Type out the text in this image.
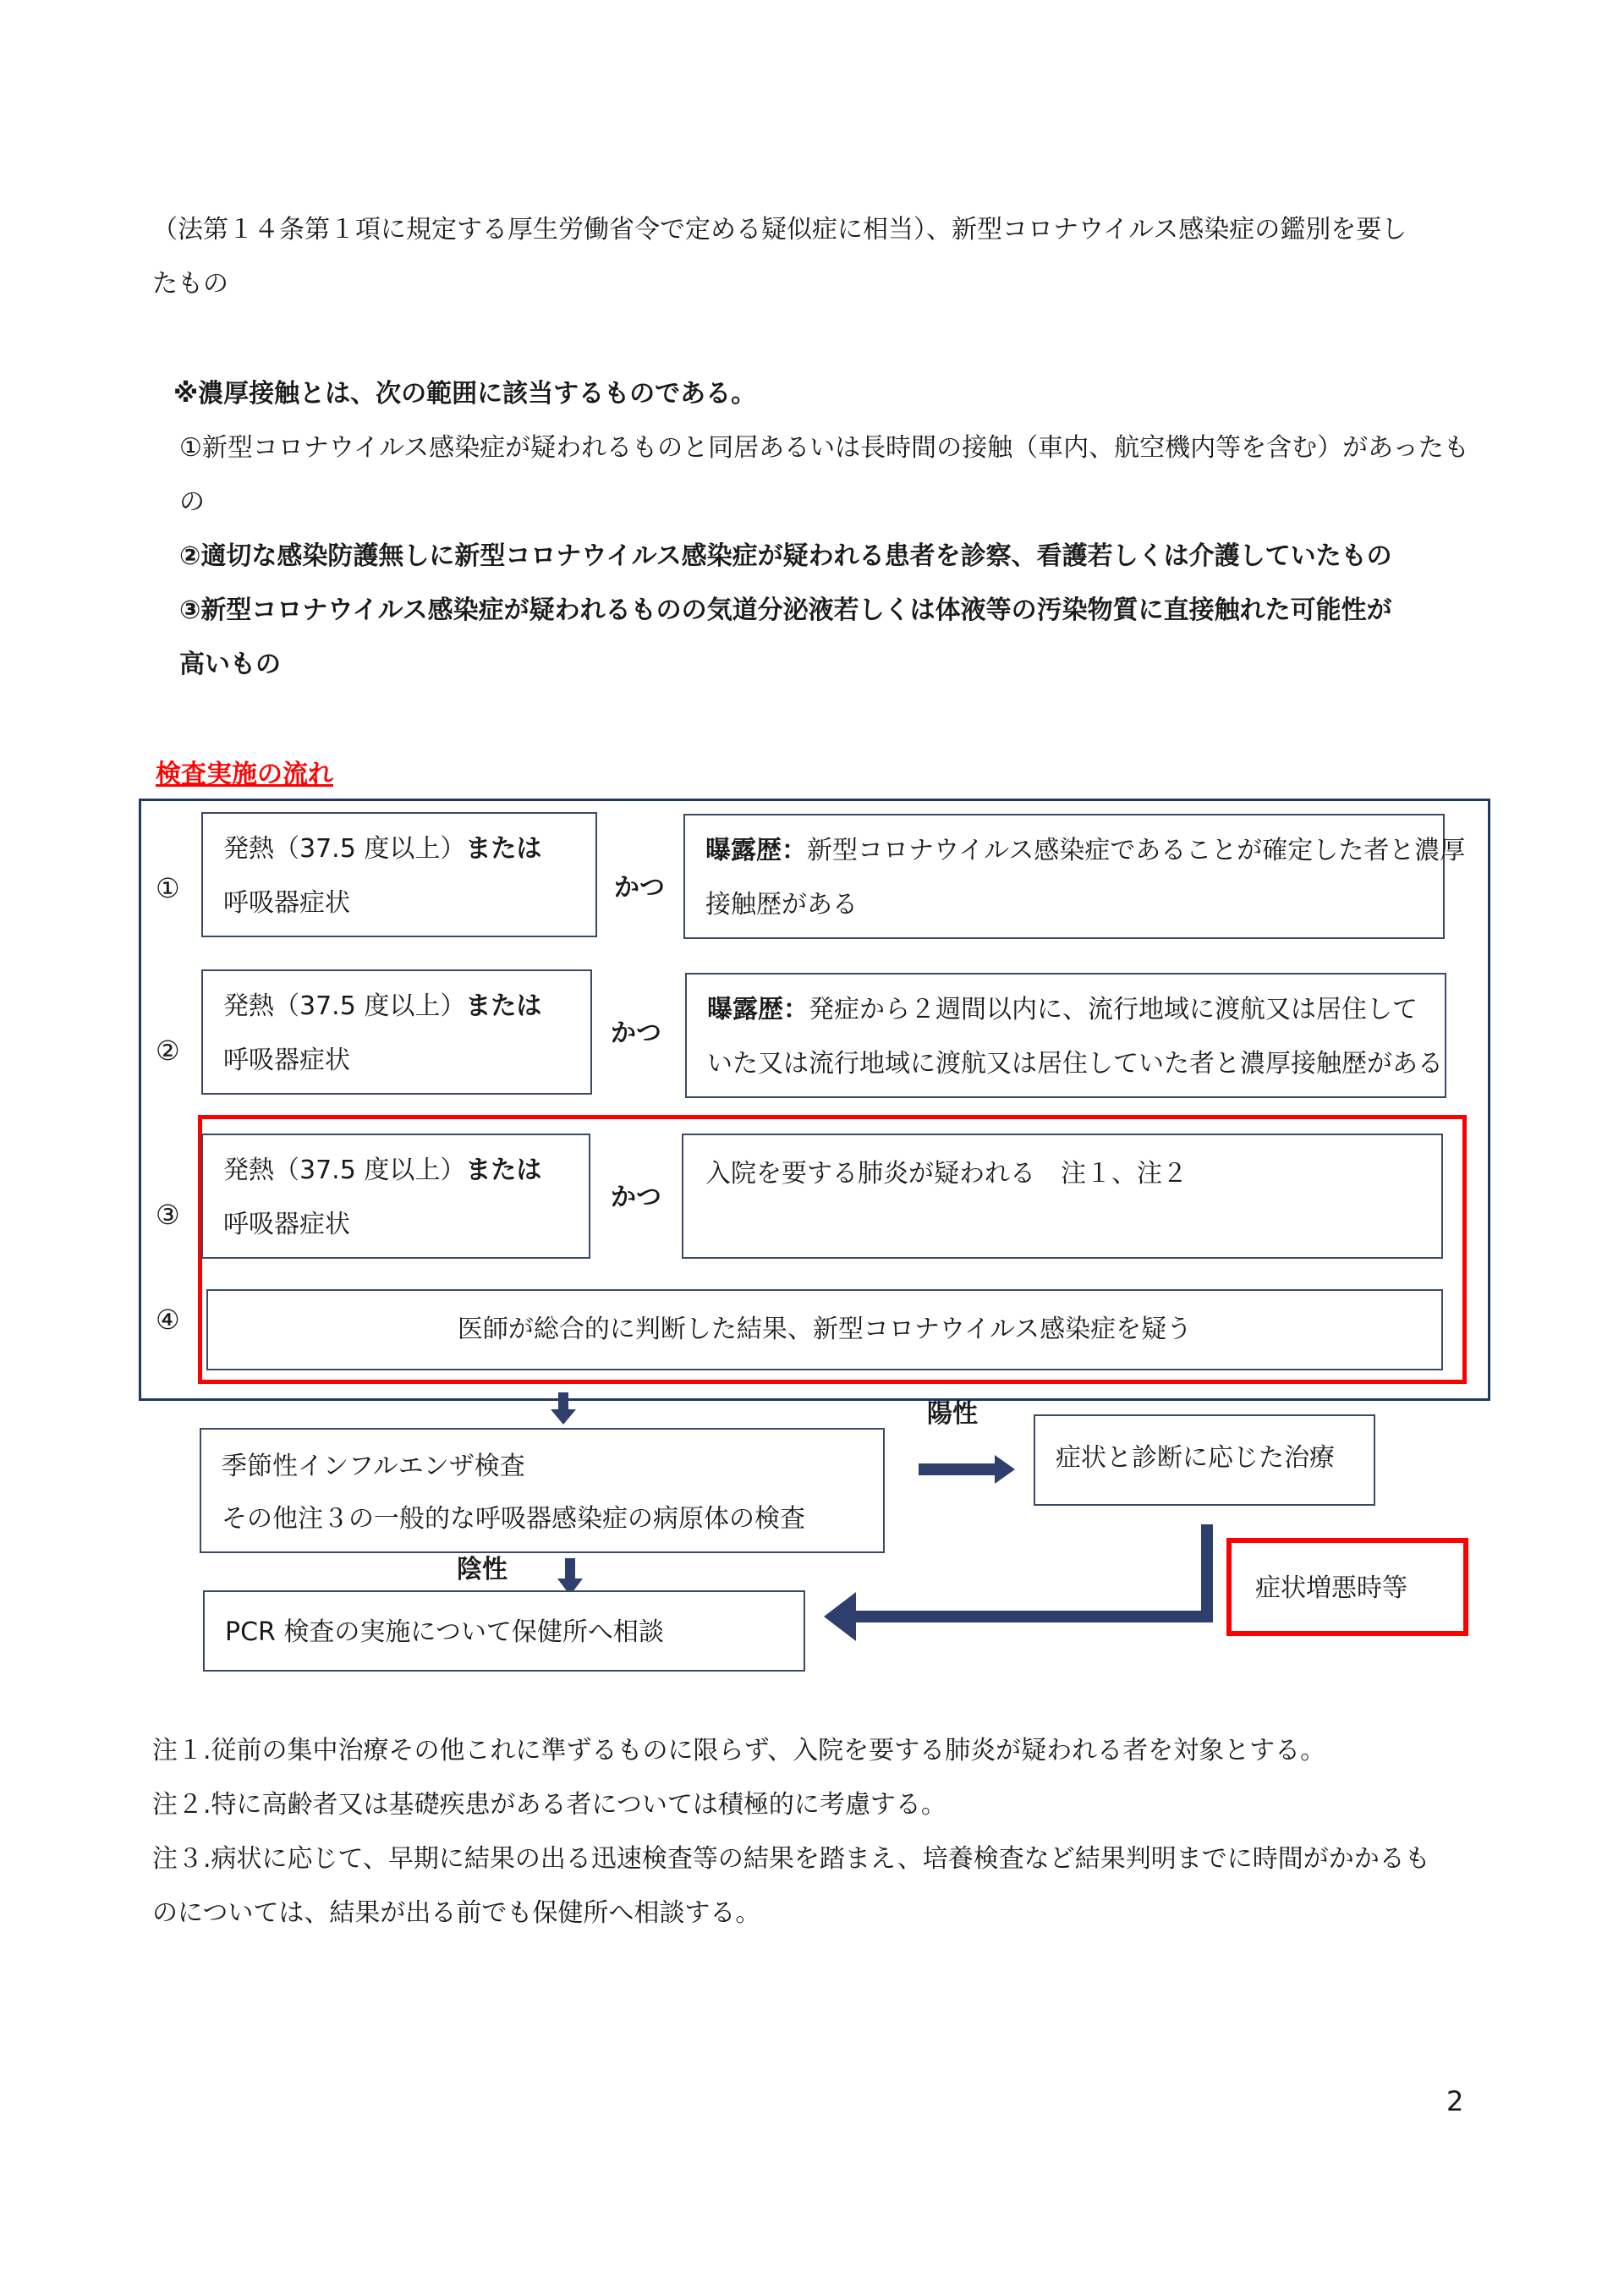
（法第１４条第１項に規定する厚生労働省令で定める疑似症に相当）、新型コロナウイルス感染症の鑑別を要し
たもの
※濃厚接触とは、次の範囲に該当するものである。
①新型コロナウイルス感染症が疑われるものと同居あるいは長時間の接触（車内、航空機内等を含む）があったも
の
②適切な感染防護無しに新型コロナウイルス感染症が疑われる患者を診察、看護若しくは介護していたもの
③新型コロナウイルス感染症が疑われるものの気道分泌液若しくは体液等の汚染物質に直接触れた可能性が
高いもの
検査実施の流れ
①
発熱（37.5 度以上）または
呼吸器症状
かつ
曝露歴：新型コロナウイルス感染症であることが確定した者と濃厚
接触歴がある
②
発熱（37.5 度以上）または
呼吸器症状
かつ
曝露歴：発症から２週間以内に、流行地域に渡航又は居住して
いた又は流行地域に渡航又は居住していた者と濃厚接触歴がある
③
発熱（37.5 度以上）または
呼吸器症状
かつ
入院を要する肺炎が疑われる　注１、注２
④	医師が総合的に判断した結果、新型コロナウイルス感染症を疑う
季節性インフルエンザ検査
その他注３の一般的な呼吸器感染症の病原体の検査
陽性
症状と診断に応じた治療
陰性
症状増悪時等
PCR 検査の実施について保健所へ相談
注１.従前の集中治療その他これに準ずるものに限らず、入院を要する肺炎が疑われる者を対象とする。
注２.特に高齢者又は基礎疾患がある者については積極的に考慮する。
注３.病状に応じて、早期に結果の出る迅速検査等の結果を踏まえ、培養検査など結果判明までに時間がかかるも
のについては、結果が出る前でも保健所へ相談する。
2
